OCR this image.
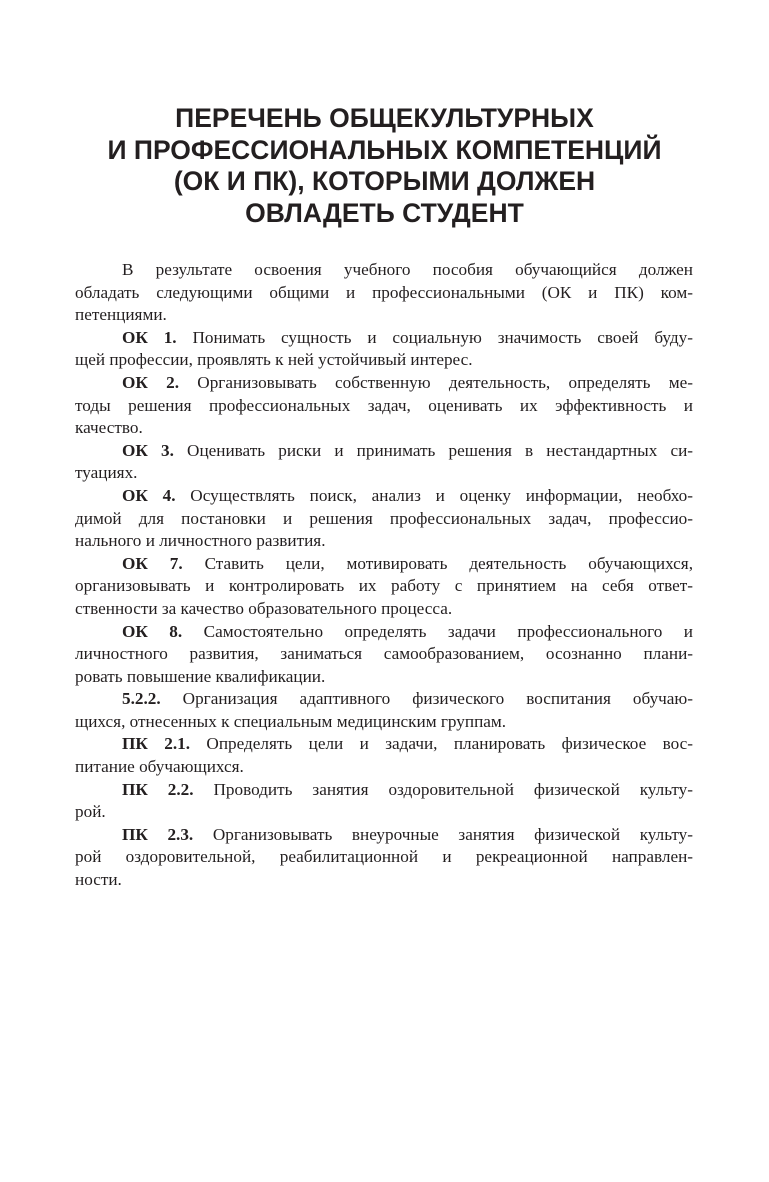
ПЕРЕЧЕНЬ ОБЩЕКУЛЬТУРНЫХ
И ПРОФЕССИОНАЛЬНЫХ КОМПЕТЕНЦИЙ
(ОК И ПК), КОТОРЫМИ ДОЛЖЕН
ОВЛАДЕТЬ СТУДЕНТ
В результате освоения учебного пособия обучающийся должен
обладать следующими общими и профессиональными (ОК и ПК) ком-
петенциями.
ОК 1. Понимать сущность и социальную значимость своей буду-
щей профессии, проявлять к ней устойчивый интерес.
ОК 2. Организовывать собственную деятельность, определять ме-
тоды решения профессиональных задач, оценивать их эффективность и
качество.
ОК 3. Оценивать риски и принимать решения в нестандартных си-
туациях.
ОК 4. Осуществлять поиск, анализ и оценку информации, необхо-
димой для постановки и решения профессиональных задач, профессио-
нального и личностного развития.
ОК 7. Ставить цели, мотивировать деятельность обучающихся,
организовывать и контролировать их работу с принятием на себя ответ-
ственности за качество образовательного процесса.
ОК 8. Самостоятельно определять задачи профессионального и
личностного развития, заниматься самообразованием, осознанно плани-
ровать повышение квалификации.
5.2.2. Организация адаптивного физического воспитания обучаю-
щихся, отнесенных к специальным медицинским группам.
ПК 2.1. Определять цели и задачи, планировать физическое вос-
питание обучающихся.
ПК 2.2. Проводить занятия оздоровительной физической культу-
рой.
ПК 2.3. Организовывать внеурочные занятия физической культу-
рой оздоровительной, реабилитационной и рекреационной направлен-
ности.
